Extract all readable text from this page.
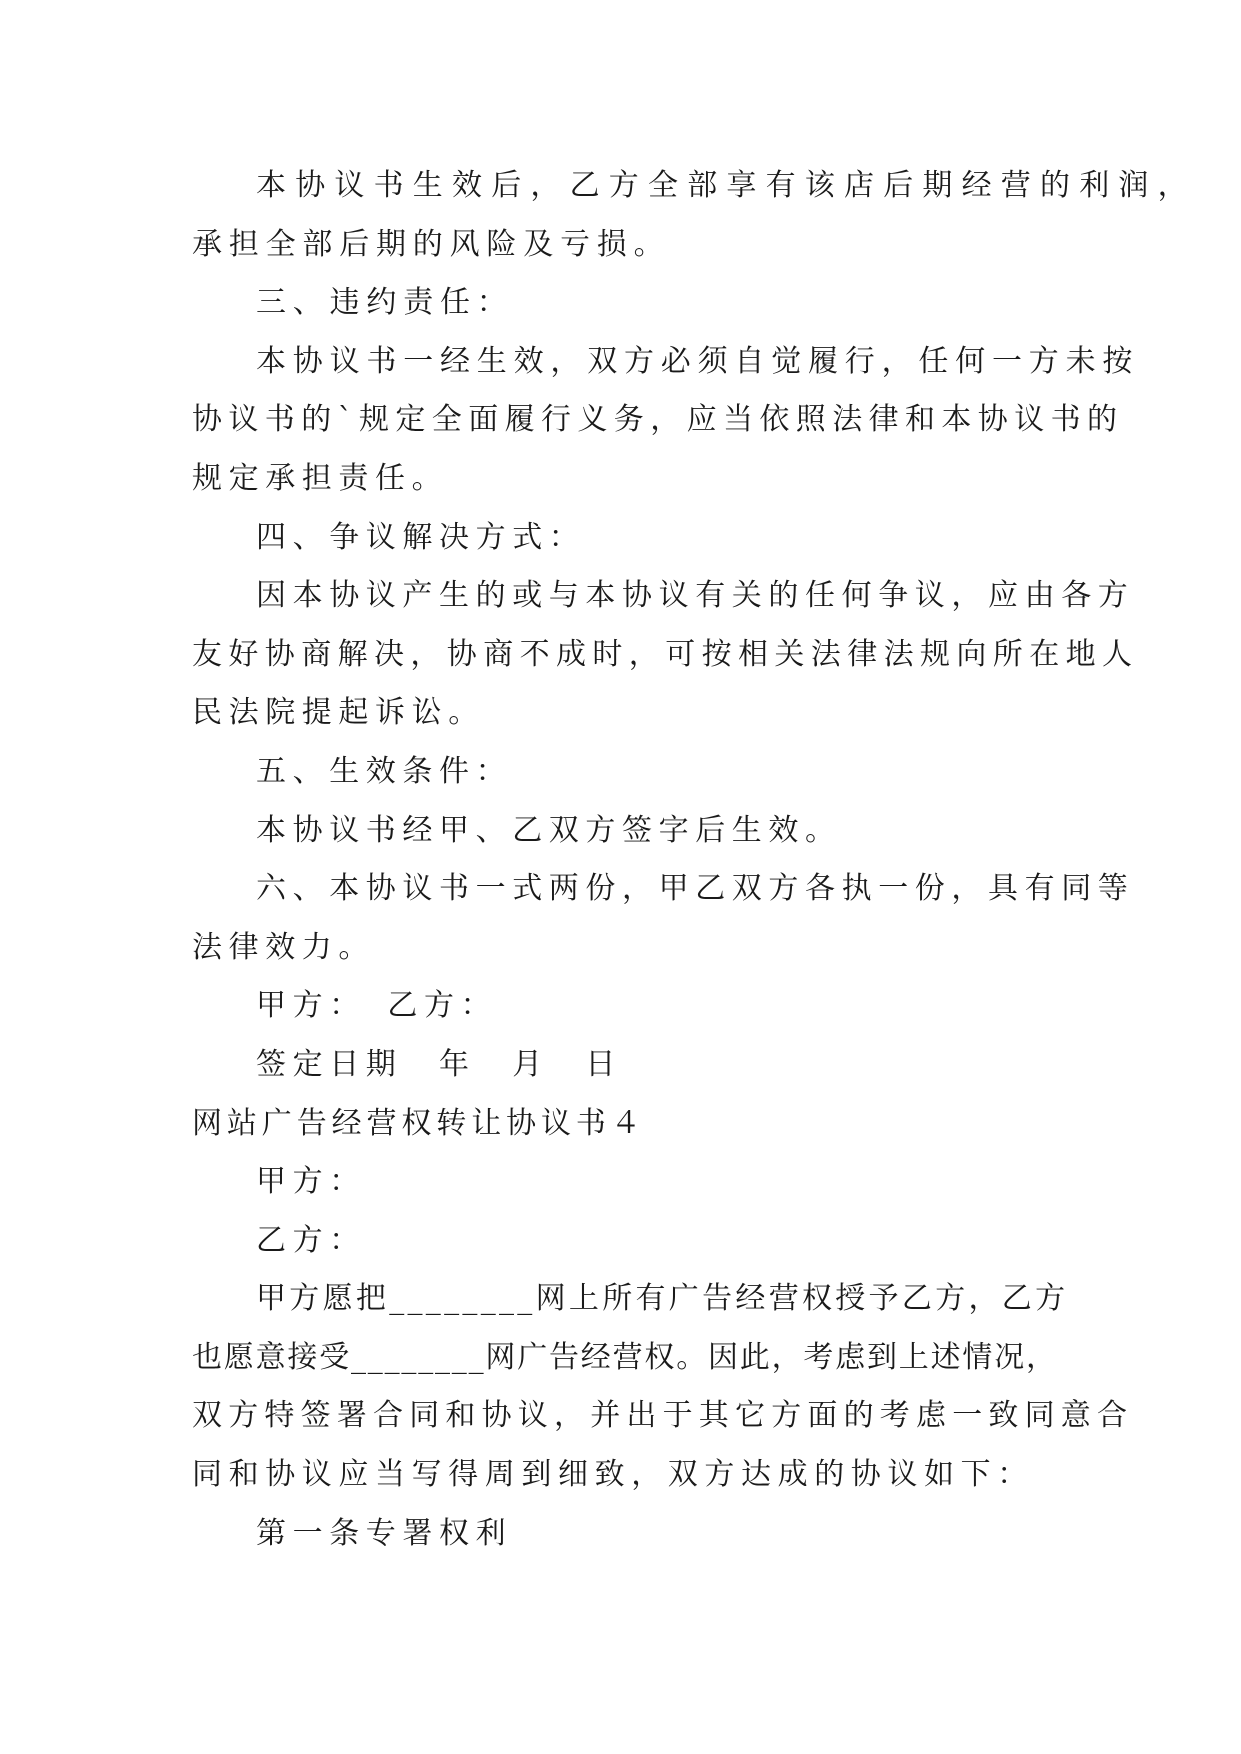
本协议书生效后，乙方全部享有该店后期经营的利润，
承担全部后期的风险及亏损。
三、违约责任：
本协议书一经生效，双方必须自觉履行，任何一方未按
协议书的`规定全面履行义务，应当依照法律和本协议书的
规定承担责任。
四、争议解决方式：
因本协议产生的或与本协议有关的任何争议，应由各方
友好协商解决，协商不成时，可按相关法律法规向所在地人
民法院提起诉讼。
五、生效条件：
本协议书经甲、乙双方签字后生效。
六、本协议书一式两份，甲乙双方各执一份，具有同等
法律效力。
甲方：　乙方：
签定日期　年　月　日
网站广告经营权转让协议书４
甲方：
乙方：
甲方愿把________网上所有广告经营权授予乙方，乙方
也愿意接受________网广告经营权。因此，考虑到上述情况，
双方特签署合同和协议，并出于其它方面的考虑一致同意合
同和协议应当写得周到细致，双方达成的协议如下：
第一条专署权利
